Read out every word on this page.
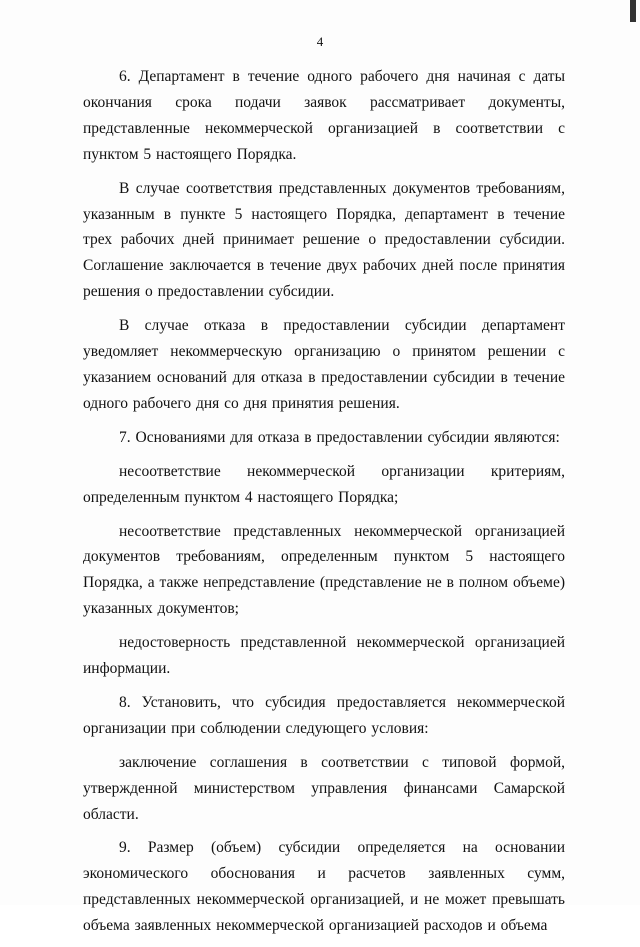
4

6. Департамент в течение одного рабочего дня начиная с даты окончания срока подачи заявок рассматривает документы, представленные некоммерческой организацией в соответствии с пунктом 5 настоящего Порядка.

В случае соответствия представленных документов требованиям, указанным в пункте 5 настоящего Порядка, департамент в течение трех рабочих дней принимает решение о предоставлении субсидии. Соглашение заключается в течение двух рабочих дней после принятия решения о предоставлении субсидии.

В случае отказа в предоставлении субсидии департамент уведомляет некоммерческую организацию о принятом решении с указанием оснований для отказа в предоставлении субсидии в течение одного рабочего дня со дня принятия решения.

7. Основаниями для отказа в предоставлении субсидии являются:

несоответствие некоммерческой организации критериям, определенным пунктом 4 настоящего Порядка;

несоответствие представленных некоммерческой организацией документов требованиям, определенным пунктом 5 настоящего Порядка, а также непредставление (представление не в полном объеме) указанных документов;

недостоверность представленной некоммерческой организацией информации.

8. Установить, что субсидия предоставляется некоммерческой организации при соблюдении следующего условия:

заключение соглашения в соответствии с типовой формой, утвержденной министерством управления финансами Самарской области.

9. Размер (объем) субсидии определяется на основании экономического обоснования и расчетов заявленных сумм, представленных некоммерческой организацией, и не может превышать объема заявленных некоммерческой организацией расходов и объема
